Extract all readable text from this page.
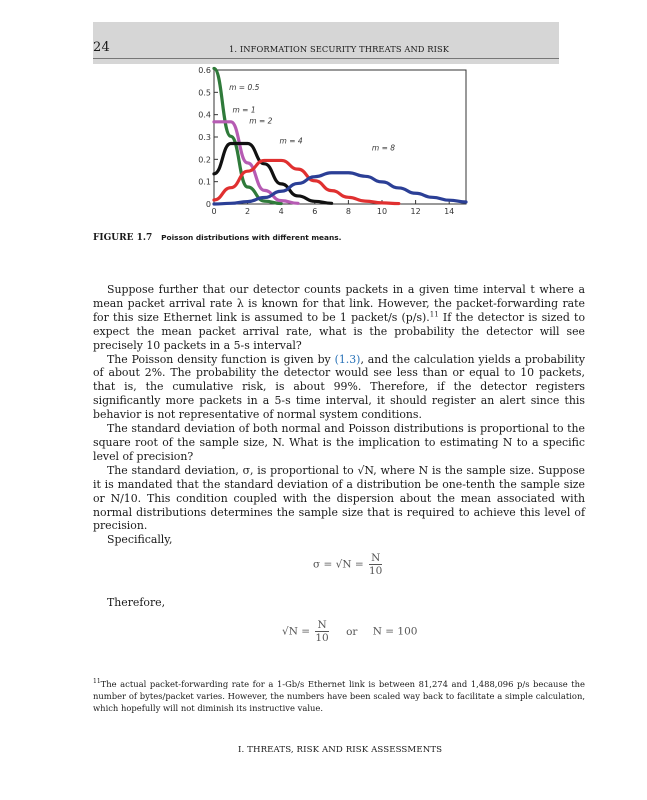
24	1. INFORMATION SECURITY THREATS AND RISK
0
0.1
0.2
0.3
0.4
0.5
0.6
0	2	4	6	8	10	12	14
m = 0.5
m = 1
m = 2
m = 4
m = 8
FIGURE 1.7 Poisson distributions with different means.

Suppose further that our detector counts packets in a given time interval t where a mean packet arrival rate λ is known for that link. However, the packet-forwarding rate for this size Ethernet link is assumed to be 1 packet/s (p/s).$^{11}$ If the detector is sized to expect the mean packet arrival rate, what is the probability the detector will see precisely 10 packets in a 5-s interval?

The Poisson density function is given by (1.3), and the calculation yields a probability of about 2%. The probability the detector would see less than or equal to 10 packets, that is, the cumulative risk, is about 99%. Therefore, if the detector registers significantly more packets in a 5-s time interval, it should register an alert since this behavior is not representative of normal system conditions.

The standard deviation of both normal and Poisson distributions is proportional to the square root of the sample size, N. What is the implication to estimating N to a specific level of precision?

The standard deviation, σ, is proportional to √N, where N is the sample size. Suppose it is mandated that the standard deviation of a distribution be one-tenth the sample size or N/10. This condition coupled with the dispersion about the mean associated with normal distributions determines the sample size that is required to achieve this level of precision.

Specifically,

$\sigma = √N = \frac{N}{10}$
Therefore,
$√N = \frac{N}{10}$ or N = 100
$^{11}$The actual packet-forwarding rate for a 1-Gb/s Ethernet link is between 81,274 and 1,488,096 p/s because the number of bytes/packet varies. However, the numbers have been scaled way back to facilitate a simple calculation, which hopefully will not diminish its instructive value.
I. THREATS, RISK AND RISK ASSESSMENTS
